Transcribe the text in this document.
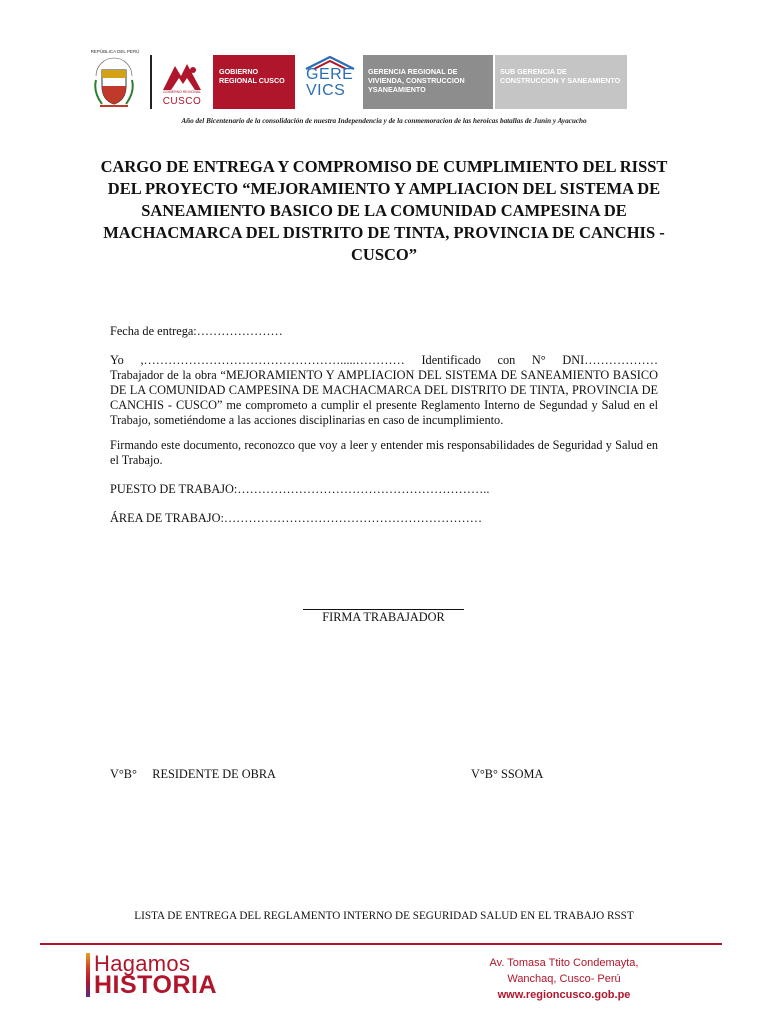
REPÚBLICA DEL PERÚ
GOBIERNO REGIONAL
CUSCO
GOBIERNO REGIONAL CUSCO	GERE
VICS
GERENCIA REGIONAL DE VIVIENDA, CONSTRUCCION YSANEAMIENTO
SUB GERENCIA DE CONSTRUCCION Y SANEAMIENTO
Año del Bicentenario de la consolidación de nuestra Independencia y de la conmemoracion de las heroicas batallas de Junín y Ayacucho
CARGO DE ENTREGA Y COMPROMISO DE CUMPLIMIENTO DEL RISST DEL PROYECTO “MEJORAMIENTO Y AMPLIACION DEL SISTEMA DE SANEAMIENTO BASICO DE LA COMUNIDAD CAMPESINA DE MACHACMARCA DEL DISTRITO DE TINTA, PROVINCIA DE CANCHIS - CUSCO”
Fecha de entrega:…………………
Yo ,………………………………………….....………… Identificado con N° DNI………………
Trabajador de la obra “MEJORAMIENTO Y AMPLIACION DEL SISTEMA DE SANEAMIENTO BASICO DE LA COMUNIDAD CAMPESINA DE MACHACMARCA DEL DISTRITO DE TINTA, PROVINCIA DE CANCHIS - CUSCO” me comprometo a cumplir el presente Reglamento Interno de Segundad y Salud en el Trabajo, sometiéndome a las acciones disciplinarias en caso de incumplimiento.
Firmando este documento, reconozco que voy a leer y entender mis responsabilidades de Seguridad y Salud en el Trabajo.
PUESTO DE TRABAJO:……………………………………………………..
ÁREA DE TRABAJO:………………………………………………………
FIRMA TRABAJADOR
V°B°     RESIDENTE DE OBRA	V°B° SSOMA
LISTA DE ENTREGA DEL REGLAMENTO INTERNO DE SEGURIDAD SALUD EN EL TRABAJO RSST
Hagamos
HISTORIA
Av. Tomasa Ttito Condemayta,
Wanchaq, Cusco- Perú
www.regioncusco.gob.pe
